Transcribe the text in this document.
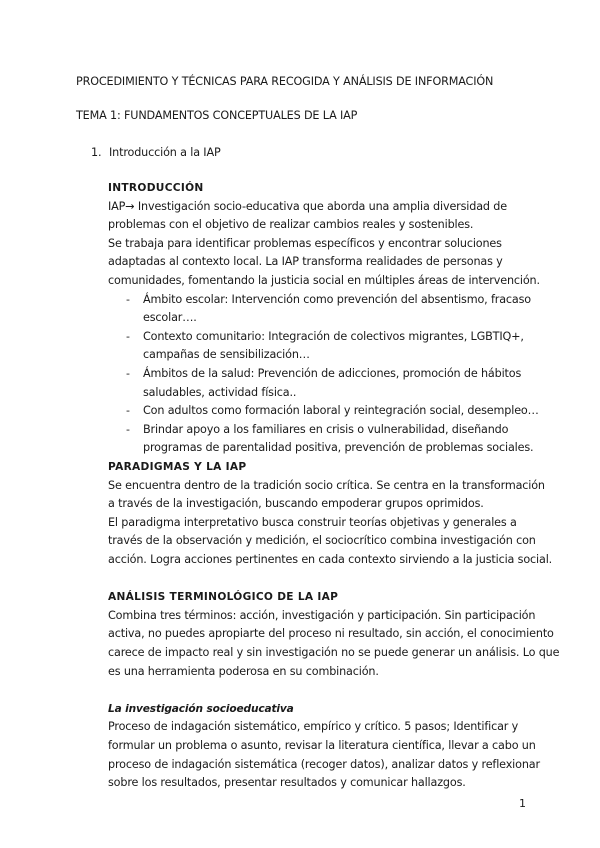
PROCEDIMIENTO Y TÉCNICAS PARA RECOGIDA Y ANÁLISIS DE INFORMACIÓN
TEMA 1: FUNDAMENTOS CONCEPTUALES DE LA IAP
1. Introducción a la IAP
INTRODUCCIÓN
IAP→ Investigación socio-educativa que aborda una amplia diversidad de
problemas con el objetivo de realizar cambios reales y sostenibles.
Se trabaja para identificar problemas específicos y encontrar soluciones
adaptadas al contexto local. La IAP transforma realidades de personas y
comunidades, fomentando la justicia social en múltiples áreas de intervención.
- Ámbito escolar: Intervención como prevención del absentismo, fracaso
escolar….
- Contexto comunitario: Integración de colectivos migrantes, LGBTIQ+,
campañas de sensibilización…
- Ámbitos de la salud: Prevención de adicciones, promoción de hábitos
saludables, actividad física..
- Con adultos como formación laboral y reintegración social, desempleo…
- Brindar apoyo a los familiares en crisis o vulnerabilidad, diseñando
programas de parentalidad positiva, prevención de problemas sociales.
PARADIGMAS Y LA IAP
Se encuentra dentro de la tradición socio crítica. Se centra en la transformación
a través de la investigación, buscando empoderar grupos oprimidos.
El paradigma interpretativo busca construir teorías objetivas y generales a
través de la observación y medición, el sociocrítico combina investigación con
acción. Logra acciones pertinentes en cada contexto sirviendo a la justicia social.
ANÁLISIS TERMINOLÓGICO DE LA IAP
Combina tres términos: acción, investigación y participación. Sin participación
activa, no puedes apropiarte del proceso ni resultado, sin acción, el conocimiento
carece de impacto real y sin investigación no se puede generar un análisis. Lo que
es una herramienta poderosa en su combinación.
La investigación socioeducativa
Proceso de indagación sistemático, empírico y crítico. 5 pasos; Identificar y
formular un problema o asunto, revisar la literatura científica, llevar a cabo un
proceso de indagación sistemática (recoger datos), analizar datos y reflexionar
sobre los resultados, presentar resultados y comunicar hallazgos.
1
